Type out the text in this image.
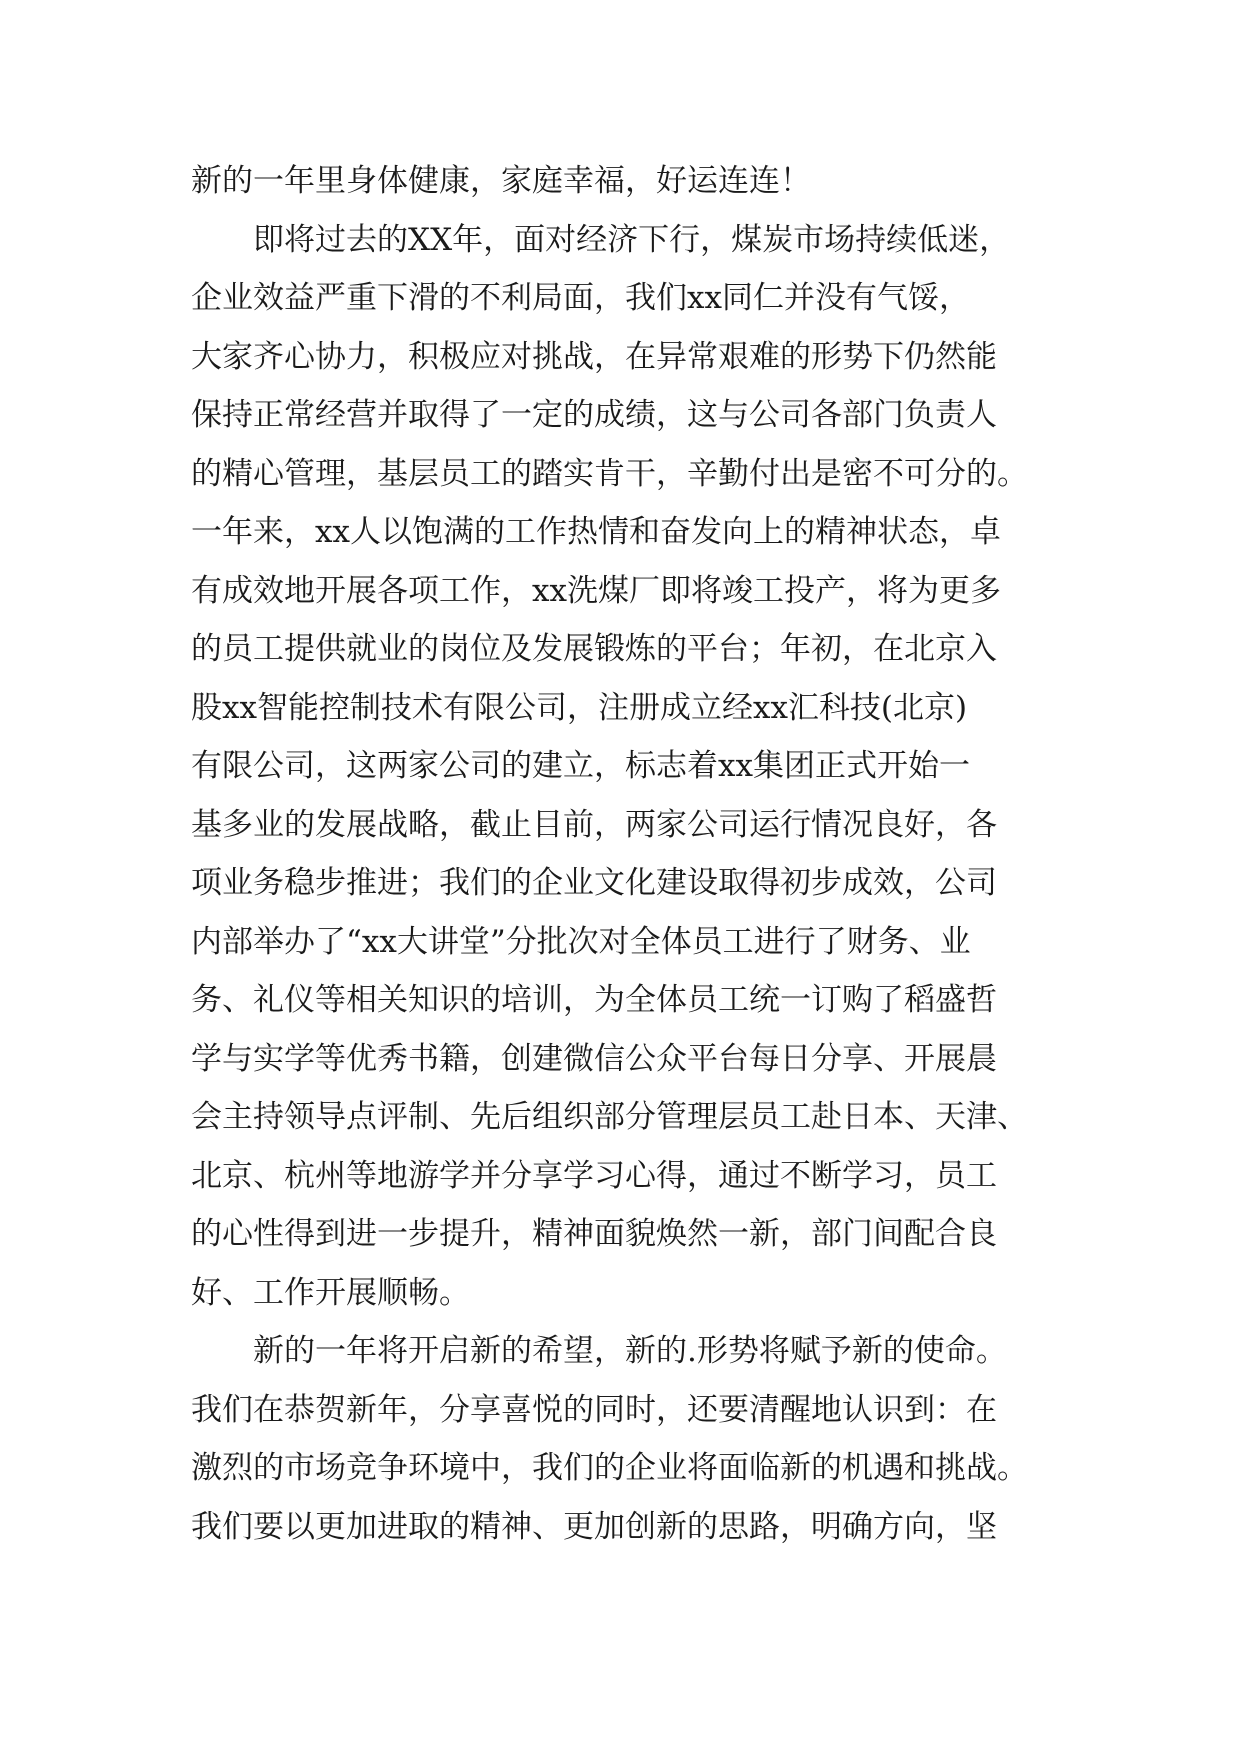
新的一年里身体健康，家庭幸福，好运连连！
即将过去的XX年，面对经济下行，煤炭市场持续低迷，
企业效益严重下滑的不利局面，我们xx同仁并没有气馁，
大家齐心协力，积极应对挑战，在异常艰难的形势下仍然能
保持正常经营并取得了一定的成绩，这与公司各部门负责人
的精心管理，基层员工的踏实肯干，辛勤付出是密不可分的。
一年来，xx人以饱满的工作热情和奋发向上的精神状态，卓
有成效地开展各项工作，xx洗煤厂即将竣工投产，将为更多
的员工提供就业的岗位及发展锻炼的平台；年初，在北京入
股xx智能控制技术有限公司，注册成立经xx汇科技(北京)
有限公司，这两家公司的建立，标志着xx集团正式开始一
基多业的发展战略，截止目前，两家公司运行情况良好，各
项业务稳步推进；我们的企业文化建设取得初步成效，公司
内部举办了“xx大讲堂”分批次对全体员工进行了财务、业
务、礼仪等相关知识的培训，为全体员工统一订购了稻盛哲
学与实学等优秀书籍，创建微信公众平台每日分享、开展晨
会主持领导点评制、先后组织部分管理层员工赴日本、天津、
北京、杭州等地游学并分享学习心得，通过不断学习，员工
的心性得到进一步提升，精神面貌焕然一新，部门间配合良
好、工作开展顺畅。
新的一年将开启新的希望，新的.形势将赋予新的使命。
我们在恭贺新年，分享喜悦的同时，还要清醒地认识到：在
激烈的市场竞争环境中，我们的企业将面临新的机遇和挑战。
我们要以更加进取的精神、更加创新的思路，明确方向，坚
